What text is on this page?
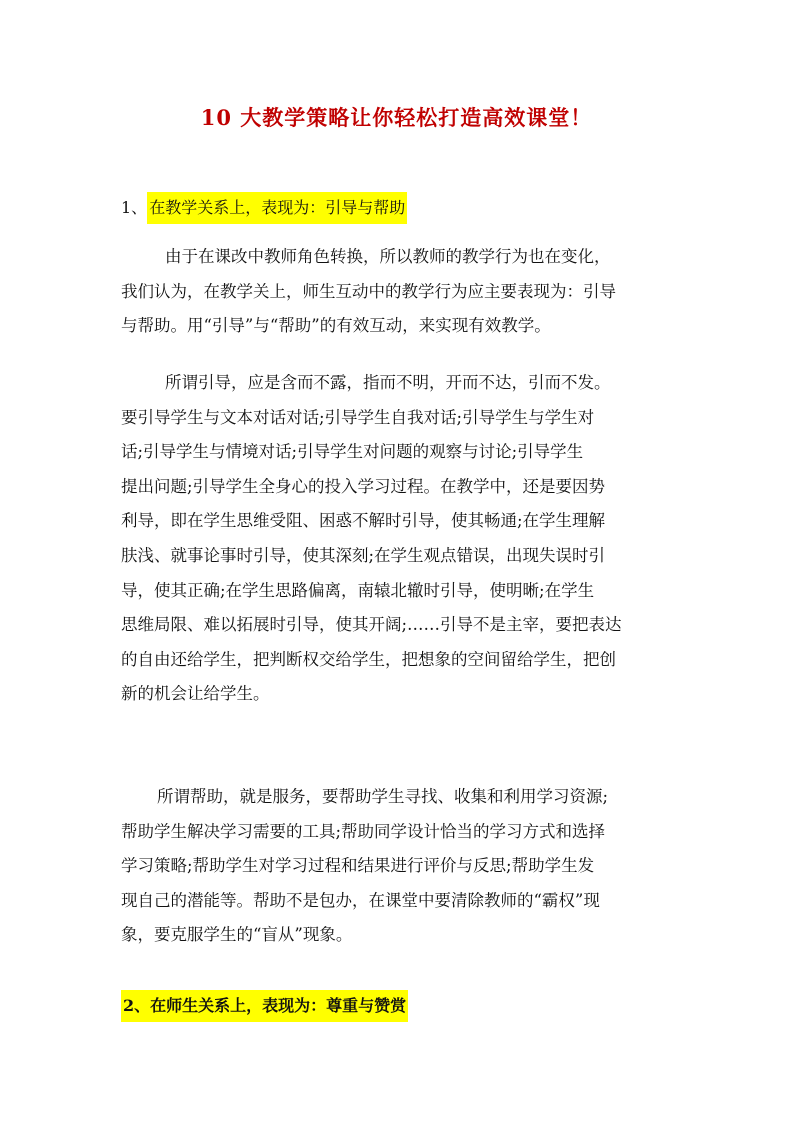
10 大教学策略让你轻松打造高效课堂！
1、 在教学关系上，表现为：引导与帮助
由于在课改中教师角色转换，所以教师的教学行为也在变化，
我们认为，在教学关上，师生互动中的教学行为应主要表现为：引导
与帮助。用“引导”与“帮助”的有效互动，来实现有效教学。
所谓引导，应是含而不露，指而不明，开而不达，引而不发。
要引导学生与文本对话对话;引导学生自我对话;引导学生与学生对
话;引导学生与情境对话;引导学生对问题的观察与讨论;引导学生
提出问题;引导学生全身心的投入学习过程。在教学中，还是要因势
利导，即在学生思维受阻、困惑不解时引导，使其畅通;在学生理解
肤浅、就事论事时引导，使其深刻;在学生观点错误，出现失误时引
导，使其正确;在学生思路偏离，南辕北辙时引导，使明晰;在学生
思维局限、难以拓展时引导，使其开阔;……引导不是主宰，要把表达
的自由还给学生，把判断权交给学生，把想象的空间留给学生，把创
新的机会让给学生。
所谓帮助，就是服务，要帮助学生寻找、收集和利用学习资源;
帮助学生解决学习需要的工具;帮助同学设计恰当的学习方式和选择
学习策略;帮助学生对学习过程和结果进行评价与反思;帮助学生发
现自己的潜能等。帮助不是包办，在课堂中要清除教师的“霸权”现
象，要克服学生的“盲从”现象。
2、在师生关系上，表现为：尊重与赞赏
